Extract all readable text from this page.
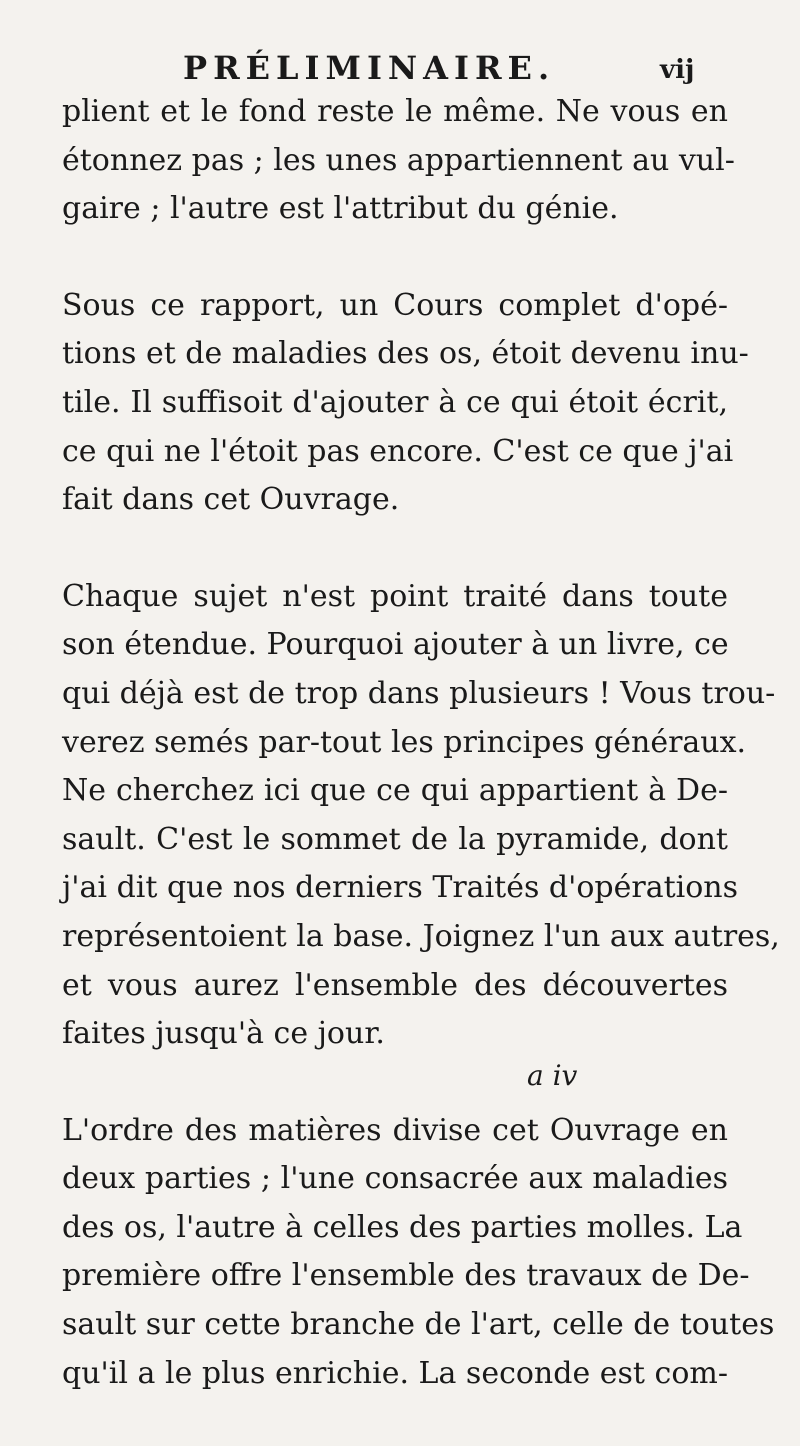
PRÉLIMINAIRE.	vij
plient et le fond reste le même. Ne vous en
étonnez pas ; les unes appartiennent au vul-
gaire ; l'autre est l'attribut du génie.
Sous ce rapport, un Cours complet d'opé-
tions et de maladies des os, étoit devenu inu-
tile. Il suffisoit d'ajouter à ce qui étoit écrit,
ce qui ne l'étoit pas encore. C'est ce que j'ai
fait dans cet Ouvrage.
Chaque sujet n'est point traité dans toute
son étendue. Pourquoi ajouter à un livre, ce
qui déjà est de trop dans plusieurs ! Vous trou-
verez semés par-tout les principes généraux.
Ne cherchez ici que ce qui appartient à De-
sault. C'est le sommet de la pyramide, dont
j'ai dit que nos derniers Traités d'opérations
représentoient la base. Joignez l'un aux autres,
et vous aurez l'ensemble des découvertes
faites jusqu'à ce jour.
L'ordre des matières divise cet Ouvrage en
deux parties ; l'une consacrée aux maladies
des os, l'autre à celles des parties molles. La
première offre l'ensemble des travaux de De-
sault sur cette branche de l'art, celle de toutes
qu'il a le plus enrichie. La seconde est com-
a iv
